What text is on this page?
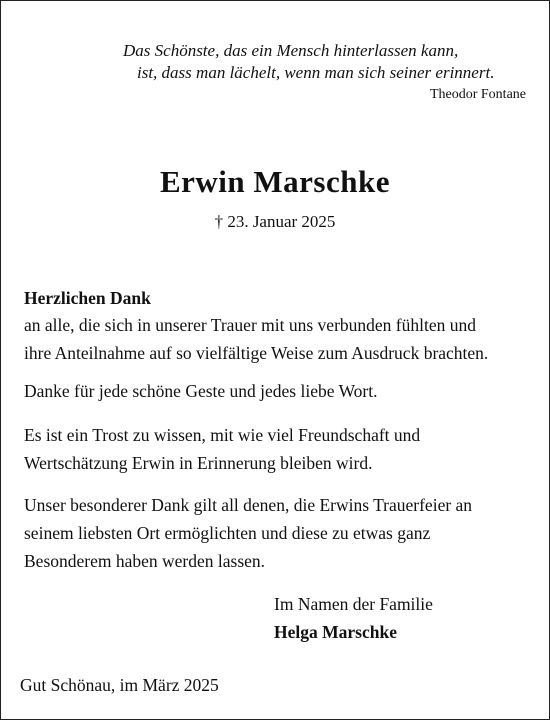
Das Schönste, das ein Mensch hinterlassen kann,
ist, dass man lächelt, wenn man sich seiner erinnert.
Theodor Fontane
Erwin Marschke
† 23. Januar 2025
Herzlichen Dank
an alle, die sich in unserer Trauer mit uns verbunden fühlten und
ihre Anteilnahme auf so vielfältige Weise zum Ausdruck brachten.
Danke für jede schöne Geste und jedes liebe Wort.
Es ist ein Trost zu wissen, mit wie viel Freundschaft und
Wertschätzung Erwin in Erinnerung bleiben wird.
Unser besonderer Dank gilt all denen, die Erwins Trauerfeier an
seinem liebsten Ort ermöglichten und diese zu etwas ganz
Besonderem haben werden lassen.
Im Namen der Familie
Helga Marschke
Gut Schönau, im März 2025
